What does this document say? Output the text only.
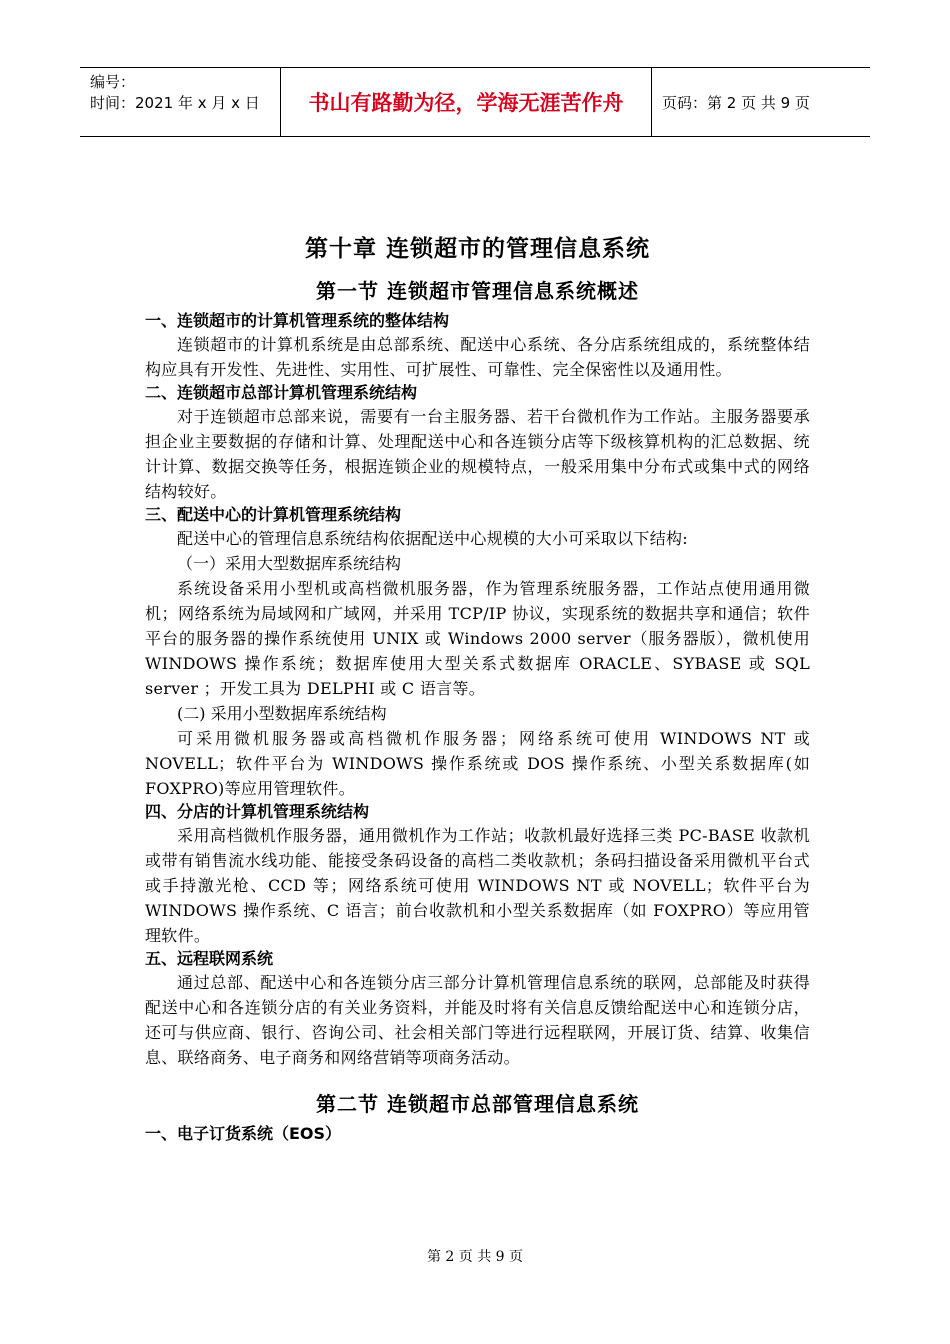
编号：
时间：2021 年 x 月 x 日	书山有路勤为径，学海无涯苦作舟	页码：第 2 页 共 9 页
第十章 连锁超市的管理信息系统
第一节 连锁超市管理信息系统概述
一、连锁超市的计算机管理系统的整体结构

连锁超市的计算机系统是由总部系统、配送中心系统、各分店系统组成的，系统整体结构应具有开发性、先进性、实用性、可扩展性、可靠性、完全保密性以及通用性。

二、连锁超市总部计算机管理系统结构

对于连锁超市总部来说，需要有一台主服务器、若干台微机作为工作站。主服务器要承担企业主要数据的存储和计算、处理配送中心和各连锁分店等下级核算机构的汇总数据、统计计算、数据交换等任务，根据连锁企业的规模特点，一般采用集中分布式或集中式的网络结构较好。

三、配送中心的计算机管理系统结构

配送中心的管理信息系统结构依据配送中心规模的大小可采取以下结构:

（一）采用大型数据库系统结构

系统设备采用小型机或高档微机服务器，作为管理系统服务器，工作站点使用通用微机；网络系统为局域网和广域网，并采用 TCP/IP 协议，实现系统的数据共享和通信；软件平台的服务器的操作系统使用 UNIX 或 Windows 2000 server（服务器版），微机使用 WINDOWS 操作系统；数据库使用大型关系式数据库 ORACLE、SYBASE 或 SQL server ；开发工具为 DELPHI 或 C 语言等。

(二) 采用小型数据库系统结构

可采用微机服务器或高档微机作服务器；网络系统可使用 WINDOWS NT 或 NOVELL；软件平台为 WINDOWS 操作系统或 DOS 操作系统、小型关系数据库(如 FOXPRO)等应用管理软件。

四、分店的计算机管理系统结构

采用高档微机作服务器，通用微机作为工作站；收款机最好选择三类 PC-BASE 收款机或带有销售流水线功能、能接受条码设备的高档二类收款机；条码扫描设备采用微机平台式或手持激光枪、CCD 等；网络系统可使用 WINDOWS NT 或 NOVELL；软件平台为 WINDOWS 操作系统、C 语言；前台收款机和小型关系数据库（如 FOXPRO）等应用管理软件。

五、远程联网系统

通过总部、配送中心和各连锁分店三部分计算机管理信息系统的联网，总部能及时获得配送中心和各连锁分店的有关业务资料，并能及时将有关信息反馈给配送中心和连锁分店，还可与供应商、银行、咨询公司、社会相关部门等进行远程联网，开展订货、结算、收集信息、联络商务、电子商务和网络营销等项商务活动。

第二节 连锁超市总部管理信息系统
一、电子订货系统（EOS）
第 2 页 共 9 页
